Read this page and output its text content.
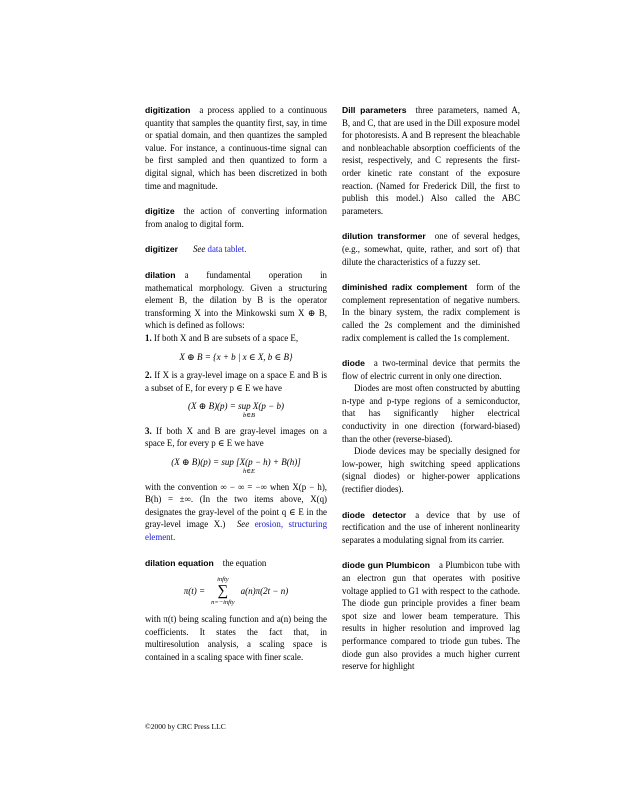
digitization a process applied to a continuous quantity that samples the quantity first, say, in time or spatial domain, and then quantizes the sampled value. For instance, a continuous-time signal can be first sampled and then quantized to form a digital signal, which has been discretized in both time and magnitude.
digitize the action of converting information from analog to digital form.
digitizer See data tablet.

dilation a fundamental operation in mathematical morphology. Given a structuring element B, the dilation by B is the operator transforming X into the Minkowski sum X ⊕ B, which is defined as follows:

1. If both X and B are subsets of a space E,

X ⊕ B = {x + b | x ∈ X, b ∈ B}

2. If X is a gray-level image on a space E and B is a subset of E, for every p ∈ E we have

(X ⊕ B)(p) = sup X(p − b)
b∈B

3. If both X and B are gray-level images on a space E, for every p ∈ E we have

(X ⊕ B)(p) = sup [X(p − h) + B(h)]
h∈E

with the convention ∞ − ∞ = −∞ when X(p − h), B(h) = ±∞. (In the two items above, X(q) designates the gray-level of the point q ∈ E in the gray-level image X.) See erosion, structuring element.

dilation equation the equation

π(t) =
infty
∑
n=−infty
a(n)π(2t − n)

with π(t) being scaling function and a(n) being the coefficients. It states the fact that, in multiresolution analysis, a scaling space is contained in a scaling space with finer scale.

Dill parameters three parameters, named A, B, and C, that are used in the Dill exposure model for photoresists. A and B represent the bleachable and nonbleachable absorption coefficients of the resist, respectively, and C represents the first-order kinetic rate constant of the exposure reaction. (Named for Frederick Dill, the first to publish this model.) Also called the ABC parameters.
dilution transformer one of several hedges, (e.g., somewhat, quite, rather, and sort of) that dilute the characteristics of a fuzzy set.
diminished radix complement form of the complement representation of negative numbers. In the binary system, the radix complement is called the 2s complement and the diminished radix complement is called the 1s complement.

diode a two-terminal device that permits the flow of electric current in only one direction.

Diodes are most often constructed by abutting n-type and p-type regions of a semiconductor, that has significantly higher electrical conductivity in one direction (forward-biased) than the other (reverse-biased).

Diode devices may be specially designed for low-power, high switching speed applications (signal diodes) or higher-power applications (rectifier diodes).

diode detector a device that by use of rectification and the use of inherent nonlinearity separates a modulating signal from its carrier.
diode gun Plumbicon a Plumbicon tube with an electron gun that operates with positive voltage applied to G1 with respect to the cathode. The diode gun principle provides a finer beam spot size and lower beam temperature. This results in higher resolution and improved lag performance compared to triode gun tubes. The diode gun also provides a much higher current reserve for highlight
©2000 by CRC Press LLC
